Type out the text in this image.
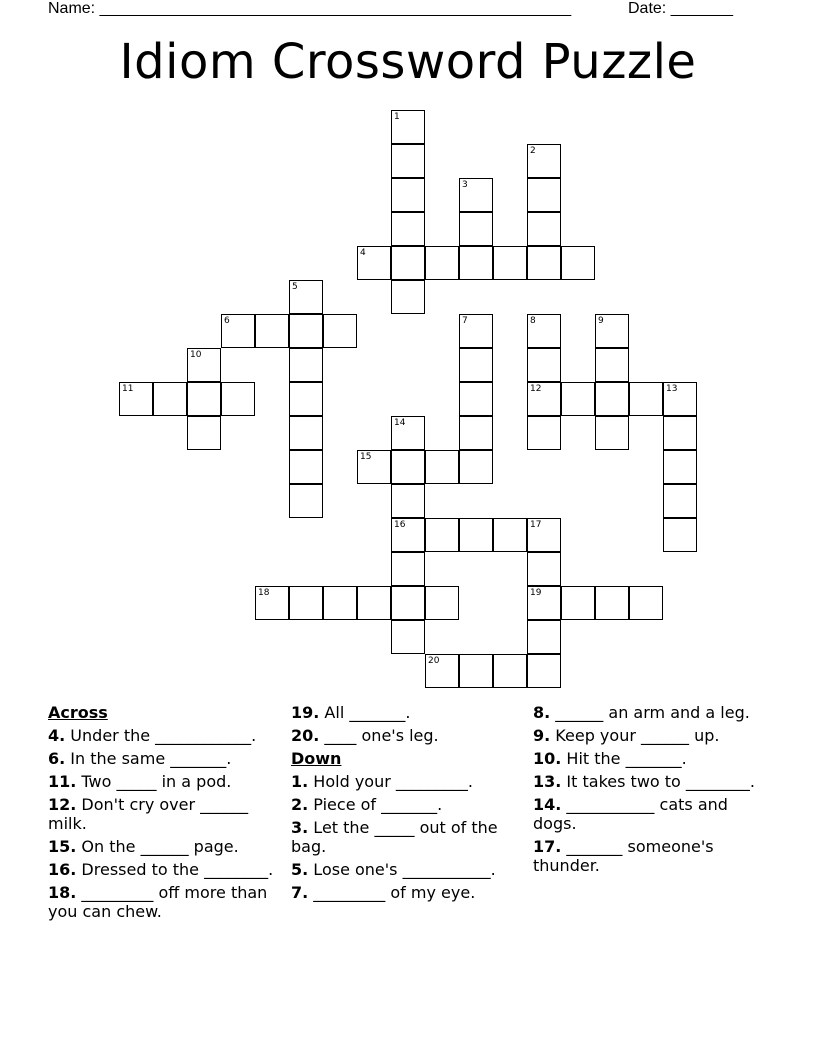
Name: _____________________________________________________	Date: _______
Idiom Crossword Puzzle
4
6
11	12	13
15
16	17
18	19
20
1
2
3
5
7	8	9
10
14
Across
4. Under the ____________.
6. In the same _______.
11. Two _____ in a pod.
12. Don't cry over ______ milk.
15. On the ______ page.
16. Dressed to the ________.
18. _________ off more than you can chew.
19. All _______.
20. ____ one's leg.
Down
1. Hold your _________.
2. Piece of _______.
3. Let the _____ out of the bag.
5. Lose one's ___________.
7. _________ of my eye.
8. ______ an arm and a leg.
9. Keep your ______ up.
10. Hit the _______.
13. It takes two to ________.
14. ___________ cats and dogs.
17. _______ someone's thunder.
